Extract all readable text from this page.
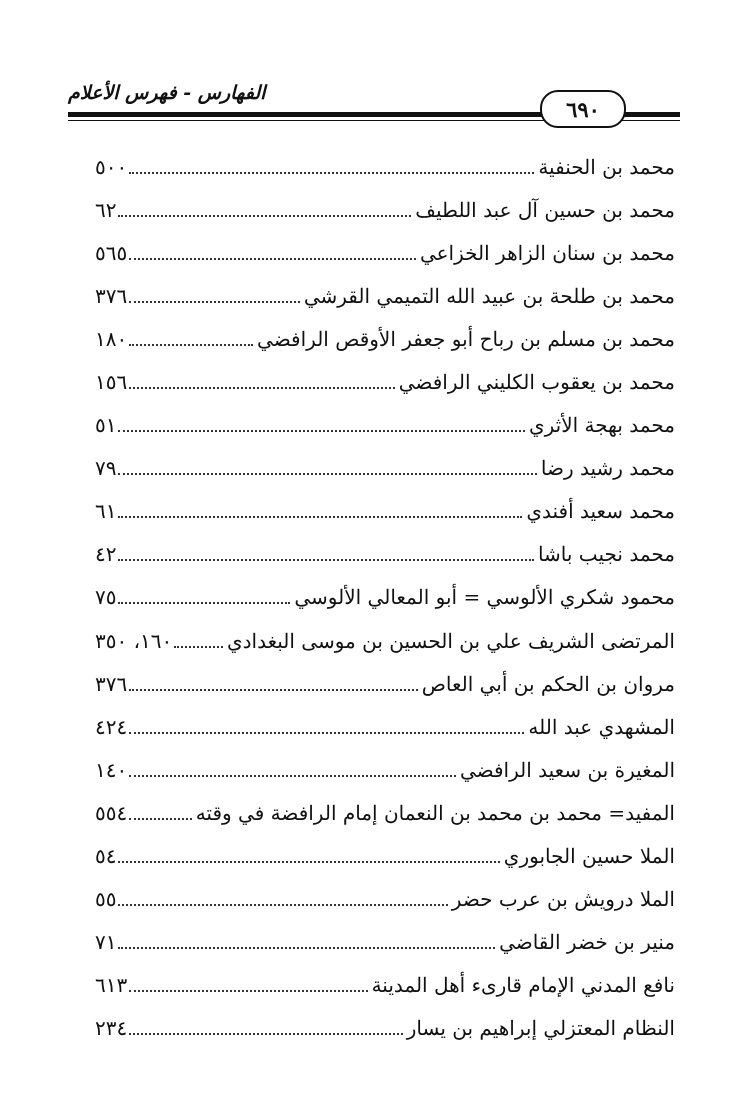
الفهارس - فهرس الأعلام
٦٩٠
محمد بن الحنفية
٥٠٠
محمد بن حسين آل عبد اللطيف
٦٢
محمد بن سنان الزاهر الخزاعي
٥٦٥
محمد بن طلحة بن عبيد الله التميمي القرشي
٣٧٦
محمد بن مسلم بن رباح أبو جعفر الأوقص الرافضي
١٨٠
محمد بن يعقوب الكليني الرافضي
١٥٦
محمد بهجة الأثري
٥١
محمد رشيد رضا
٧٩
محمد سعيد أفندي
٦١
محمد نجيب باشا
٤٢
محمود شكري الألوسي = أبو المعالي الألوسي
٧٥
المرتضى الشريف علي بن الحسين بن موسى البغدادي
١٦٠، ٣٥٠
مروان بن الحكم بن أبي العاص
٣٧٦
المشهدي عبد الله
٤٢٤
المغيرة بن سعيد الرافضي
١٤٠
المفيد= محمد بن محمد بن النعمان إمام الرافضة في وقته
٥٥٤
الملا حسين الجابوري
٥٤
الملا درويش بن عرب حضر
٥٥
منير بن خضر القاضي
٧١
نافع المدني الإمام قارىء أهل المدينة
٦١٣
النظام المعتزلي إبراهيم بن يسار
٢٣٤
